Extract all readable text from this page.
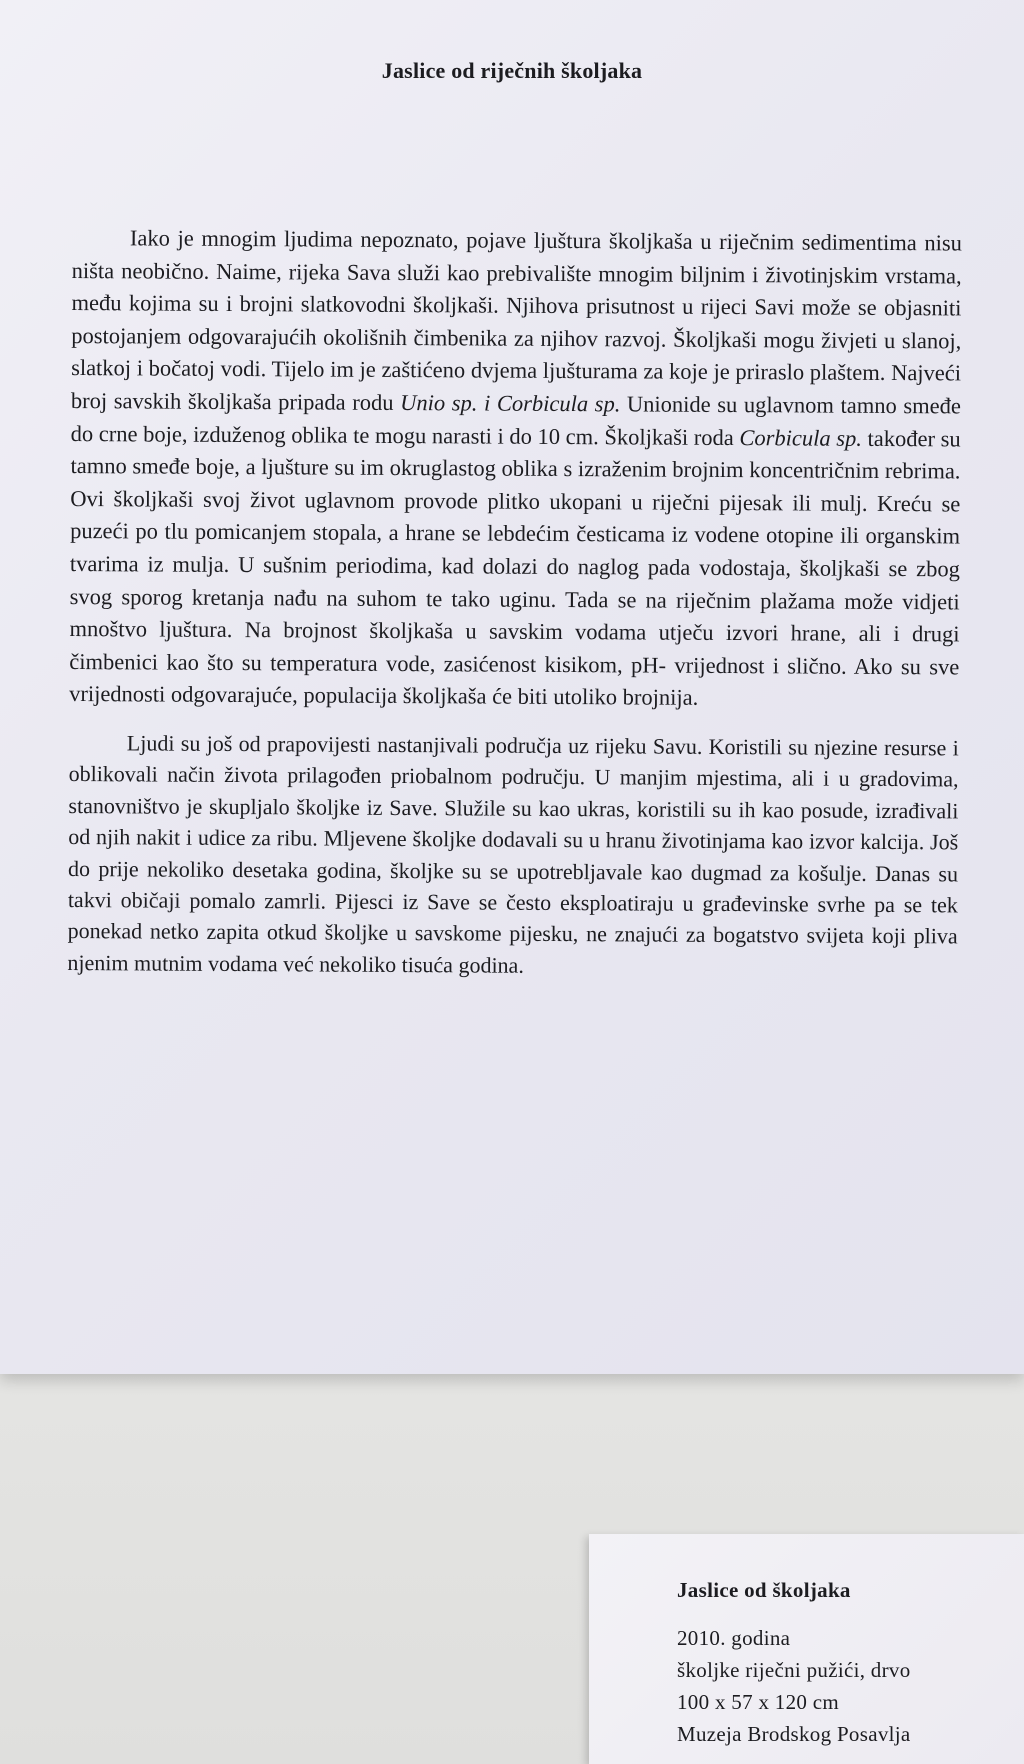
Jaslice od riječnih školjaka

Iako je mnogim ljudima nepoznato, pojave ljuštura školjkaša u riječnim sedimentima nisu ništa neobično. Naime, rijeka Sava služi kao prebivalište mnogim biljnim i životinjskim vrstama, među kojima su i brojni slatkovodni školjkaši. Njihova prisutnost u rijeci Savi može se objasniti postojanjem odgovarajućih okolišnih čimbenika za njihov razvoj. Školjkaši mogu živjeti u slanoj, slatkoj i bočatoj vodi. Tijelo im je zaštićeno dvjema ljušturama za koje je priraslo plaštem. Najveći broj savskih školjkaša pripada rodu Unio sp. i Corbicula sp. Unionide su uglavnom tamno smeđe do crne boje, izduženog oblika te mogu narasti i do 10 cm. Školjkaši roda Corbicula sp. također su tamno smeđe boje, a ljušture su im okruglastog oblika s izraženim brojnim koncentričnim rebrima. Ovi školjkaši svoj život uglavnom provode plitko ukopani u riječni pijesak ili mulj. Kreću se puzeći po tlu pomicanjem stopala, a hrane se lebdećim česticama iz vodene otopine ili organskim tvarima iz mulja. U sušnim periodima, kad dolazi do naglog pada vodostaja, školjkaši se zbog svog sporog kretanja nađu na suhom te tako uginu. Tada se na riječnim plažama može vidjeti mnoštvo ljuštura. Na brojnost školjkaša u savskim vodama utječu izvori hrane, ali i drugi čimbenici kao što su temperatura vode, zasićenost kisikom, pH- vrijednost i slično. Ako su sve vrijednosti odgovarajuće, populacija školjkaša će biti utoliko brojnija.

Ljudi su još od prapovijesti nastanjivali područja uz rijeku Savu. Koristili su njezine resurse i oblikovali način života prilagođen priobalnom području. U manjim mjestima, ali i u gradovima, stanovništvo je skupljalo školjke iz Save. Služile su kao ukras, koristili su ih kao posude, izrađivali od njih nakit i udice za ribu. Mljevene školjke dodavali su u hranu životinjama kao izvor kalcija. Još do prije nekoliko desetaka godina, školjke su se upotrebljavale kao dugmad za košulje. Danas su takvi običaji pomalo zamrli. Pijesci iz Save se često eksploatiraju u građevinske svrhe pa se tek ponekad netko zapita otkud školjke u savskome pijesku, ne znajući za bogatstvo svijeta koji pliva njenim mutnim vodama već nekoliko tisuća godina.

Jaslice od školjaka
2010. godina
školjke riječni pužići, drvo
100 x 57 x 120 cm
Muzeja Brodskog Posavlja
